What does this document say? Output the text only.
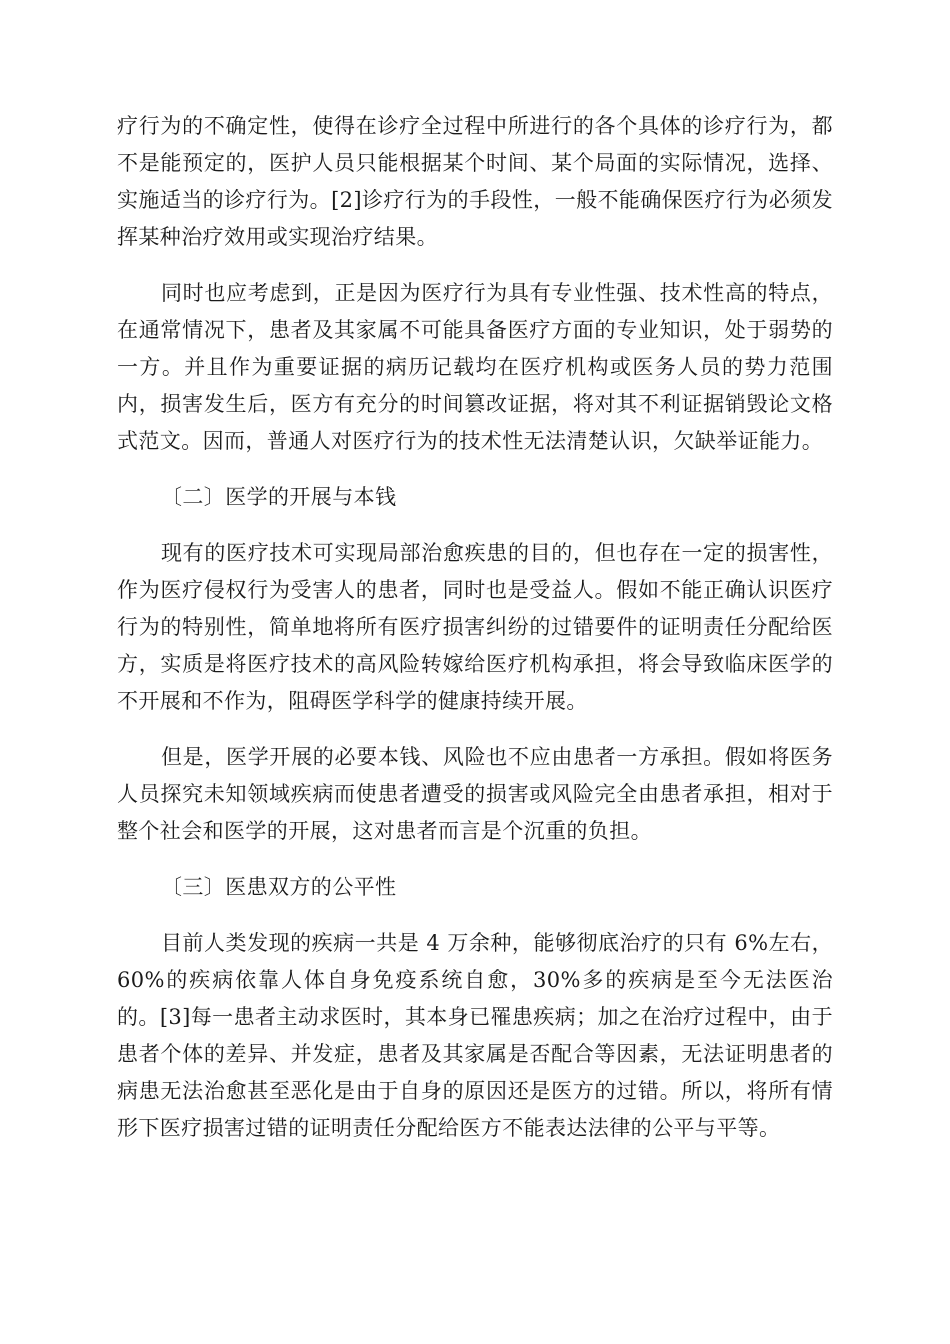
疗行为的不确定性，使得在诊疗全过程中所进行的各个具体的诊疗行为，都不是能预定的，医护人员只能根据某个时间、某个局面的实际情况，选择、实施适当的诊疗行为。[2]诊疗行为的手段性，一般不能确保医疗行为必须发挥某种治疗效用或实现治疗结果。

同时也应考虑到，正是因为医疗行为具有专业性强、技术性高的特点，在通常情况下，患者及其家属不可能具备医疗方面的专业知识，处于弱势的一方。并且作为重要证据的病历记载均在医疗机构或医务人员的势力范围内，损害发生后，医方有充分的时间篡改证据，将对其不利证据销毁论文格式范文。因而，普通人对医疗行为的技术性无法清楚认识，欠缺举证能力。

〔二〕医学的开展与本钱

现有的医疗技术可实现局部治愈疾患的目的，但也存在一定的损害性，作为医疗侵权行为受害人的患者，同时也是受益人。假如不能正确认识医疗行为的特别性，简单地将所有医疗损害纠纷的过错要件的证明责任分配给医方，实质是将医疗技术的高风险转嫁给医疗机构承担，将会导致临床医学的不开展和不作为，阻碍医学科学的健康持续开展。

但是，医学开展的必要本钱、风险也不应由患者一方承担。假如将医务人员探究未知领域疾病而使患者遭受的损害或风险完全由患者承担，相对于整个社会和医学的开展，这对患者而言是个沉重的负担。

〔三〕医患双方的公平性

目前人类发现的疾病一共是 4 万余种，能够彻底治疗的只有 6%左右，60%的疾病依靠人体自身免疫系统自愈，30%多的疾病是至今无法医治的。[3]每一患者主动求医时，其本身已罹患疾病；加之在治疗过程中，由于患者个体的差异、并发症，患者及其家属是否配合等因素，无法证明患者的病患无法治愈甚至恶化是由于自身的原因还是医方的过错。所以，将所有情形下医疗损害过错的证明责任分配给医方不能表达法律的公平与平等。
